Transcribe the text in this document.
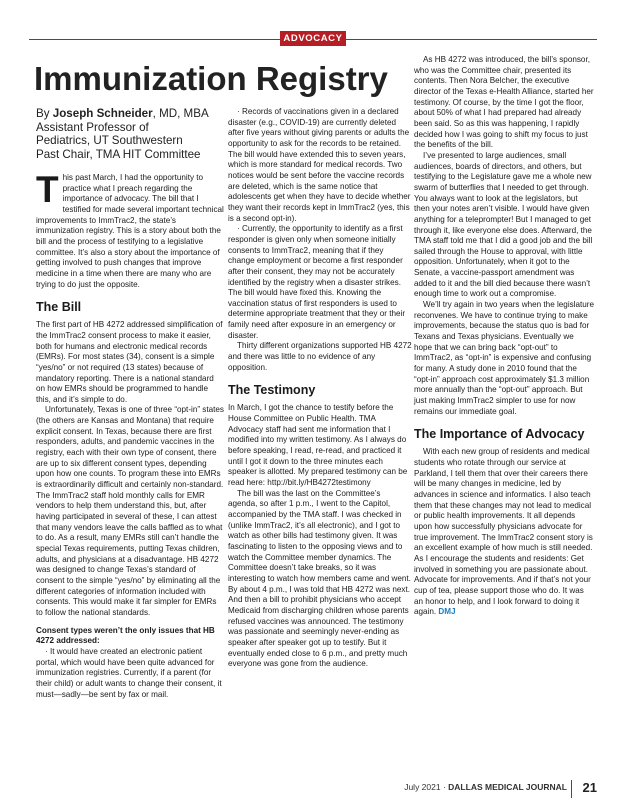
ADVOCACY
Immunization Registry
By Joseph Schneider, MD, MBA
Assistant Professor of
Pediatrics, UT Southwestern
Past Chair, TMA HIT Committee

This past March, I had the opportunity to practice what I preach regarding the importance of advocacy. The bill that I testified for made several important technical improvements to ImmTrac2, the state’s immunization registry. This is a story about both the bill and the process of testifying to a legislative committee. It’s also a story about the importance of getting involved to push changes that improve medicine in a time when there are many who are trying to do just the opposite.

The Bill

The first part of HB 4272 addressed simplification of the ImmTrac2 consent process to make it easier, both for humans and electronic medical records (EMRs). For most states (34), consent is a simple “yes/no” or not required (13 states) because of mandatory reporting. There is a national standard on how EMRs should be programmed to handle this, and it’s simple to do.

Unfortunately, Texas is one of three “opt-in” states (the others are Kansas and Montana) that require explicit consent. In Texas, because there are first responders, adults, and pandemic vaccines in the registry, each with their own type of consent, there are up to six different consent types, depending upon how one counts. To program these into EMRs is extraordinarily difficult and certainly non-standard. The ImmTrac2 staff hold monthly calls for EMR vendors to help them understand this, but, after having participated in several of these, I can attest that many vendors leave the calls baffled as to what to do. As a result, many EMRs still can’t handle the special Texas requirements, putting Texas children, adults, and physicians at a disadvantage. HB 4272 was designed to change Texas’s standard of consent to the simple “yes/no” by eliminating all the different categories of information included with consents. This would make it far simpler for EMRs to follow the national standards.

Consent types weren’t the only issues that HB 4272 addressed:

· It would have created an electronic patient portal, which would have been quite advanced for immunization registries. Currently, if a parent (for their child) or adult wants to change their consent, it must—sadly—be sent by fax or mail.

· Records of vaccinations given in a declared disaster (e.g., COVID-19) are currently deleted after five years without giving parents or adults the opportunity to ask for the records to be retained. The bill would have extended this to seven years, which is more standard for medical records. Two notices would be sent before the vaccine records are deleted, which is the same notice that adolescents get when they have to decide whether they want their records kept in ImmTrac2 (yes, this is a second opt-in).

· Currently, the opportunity to identify as a first responder is given only when someone initially consents to ImmTrac2, meaning that if they change employment or become a first responder after their consent, they may not be accurately identified by the registry when a disaster strikes. The bill would have fixed this. Knowing the vaccination status of first responders is used to determine appropriate treatment that they or their family need after exposure in an emergency or disaster.

Thirty different organizations supported HB 4272 and there was little to no evidence of any opposition.

The Testimony

In March, I got the chance to testify before the House Committee on Public Health. TMA Advocacy staff had sent me information that I modified into my written testimony. As I always do before speaking, I read, re-read, and practiced it until I got it down to the three minutes each speaker is allotted. My prepared testimony can be read here: http://bit.ly/HB4272testimony

The bill was the last on the Committee’s agenda, so after 1 p.m., I went to the Capitol, accompanied by the TMA staff. I was checked in (unlike ImmTrac2, it’s all electronic), and I got to watch as other bills had testimony given. It was fascinating to listen to the opposing views and to watch the Committee member dynamics. The Committee doesn’t take breaks, so it was interesting to watch how members came and went. By about 4 p.m., I was told that HB 4272 was next. And then a bill to prohibit physicians who accept Medicaid from discharging children whose parents refused vaccines was announced. The testimony was passionate and seemingly never-ending as speaker after speaker got up to testify. But it eventually ended close to 6 p.m., and pretty much everyone was gone from the audience.

As HB 4272 was introduced, the bill’s sponsor, who was the Committee chair, presented its contents. Then Nora Belcher, the executive director of the Texas e-Health Alliance, started her testimony. Of course, by the time I got the floor, about 50% of what I had prepared had already been said. So as this was happening, I rapidly decided how I was going to shift my focus to just the benefits of the bill.

I’ve presented to large audiences, small audiences, boards of directors, and others, but testifying to the Legislature gave me a whole new swarm of butterflies that I needed to get through. You always want to look at the legislators, but then your notes aren’t visible. I would have given anything for a teleprompter! But I managed to get through it, like everyone else does. Afterward, the TMA staff told me that I did a good job and the bill sailed through the House to approval, with little opposition. Unfortunately, when it got to the Senate, a vaccine-passport amendment was added to it and the bill died because there wasn’t enough time to work out a compromise.

We’ll try again in two years when the legislature reconvenes. We have to continue trying to make improvements, because the status quo is bad for Texans and Texas physicians. Eventually we hope that we can bring back “opt-out” to ImmTrac2, as “opt-in” is expensive and confusing for many. A study done in 2010 found that the “opt-in” approach cost approximately $1.3 million more annually than the “opt-out” approach. But just making ImmTrac2 simpler to use for now remains our immediate goal.

The Importance of Advocacy

With each new group of residents and medical students who rotate through our service at Parkland, I tell them that over their careers there will be many changes in medicine, led by advances in science and informatics. I also teach them that these changes may not lead to medical or public health improvements. It all depends upon how successfully physicians advocate for true improvement. The ImmTrac2 consent story is an excellent example of how much is still needed. As I encourage the students and residents: Get involved in something you are passionate about. Advocate for improvements. And if that’s not your cup of tea, please support those who do. It was an honor to help, and I look forward to doing it again. DMJ

July 2021 · DALLAS MEDICAL JOURNAL 21
